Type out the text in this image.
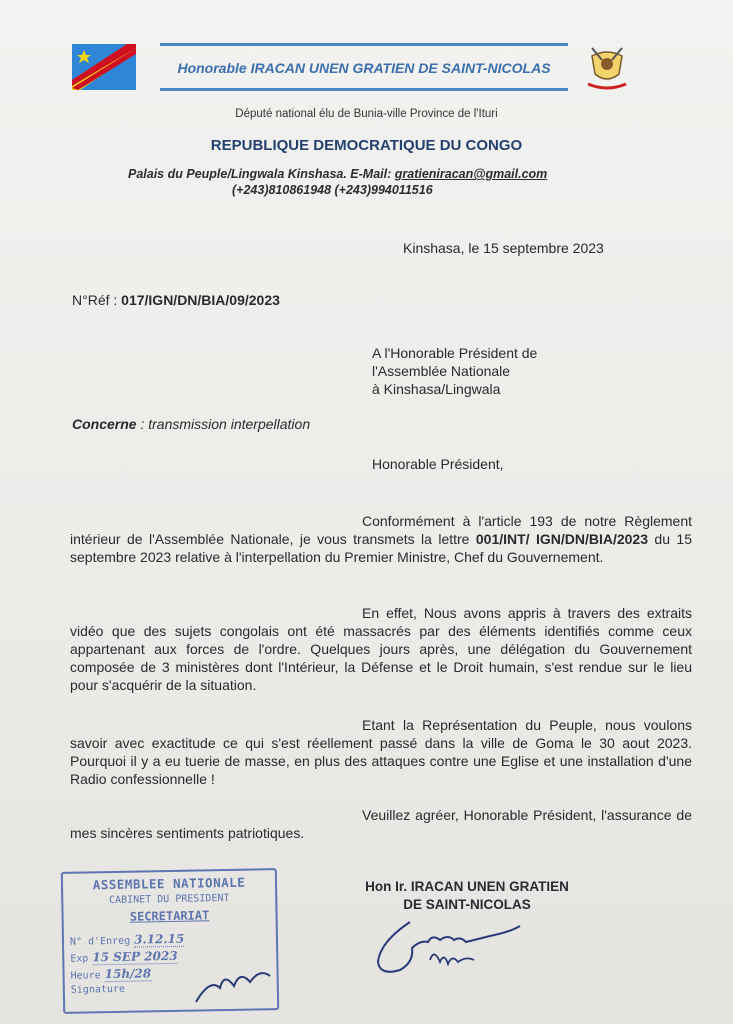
Honorable IRACAN UNEN GRATIEN DE SAINT-NICOLAS
Député national élu de Bunia-ville Province de l'Ituri
REPUBLIQUE DEMOCRATIQUE DU CONGO
Palais du Peuple/Lingwala Kinshasa. E-Mail: gratieniracan@gmail.com
(+243)810861948 (+243)994011516
Kinshasa, le 15 septembre 2023
N°Réf : 017/IGN/DN/BIA/09/2023
A l'Honorable Président de
l'Assemblée Nationale
à Kinshasa/Lingwala
Concerne : transmission interpellation
Honorable Président,
Conformément à l'article 193 de notre Règlement intérieur de l'Assemblée Nationale, je vous transmets la lettre 001/INT/ IGN/DN/BIA/2023 du 15 septembre 2023 relative à l'interpellation du Premier Ministre, Chef du Gouvernement.
En effet, Nous avons appris à travers des extraits vidéo que des sujets congolais ont été massacrés par des éléments identifiés comme ceux appartenant aux forces de l'ordre. Quelques jours après, une délégation du Gouvernement composée de 3 ministères dont l'Intérieur, la Défense et le Droit humain, s'est rendue sur le lieu pour s'acquérir de la situation.
Etant la Représentation du Peuple, nous voulons savoir avec exactitude ce qui s'est réellement passé dans la ville de Goma le 30 aout 2023. Pourquoi il y a eu tuerie de masse, en plus des attaques contre une Eglise et une installation d'une Radio confessionnelle !
Veuillez agréer, Honorable Président, l'assurance de mes sincères sentiments patriotiques.
Hon Ir. IRACAN UNEN GRATIEN
DE SAINT-NICOLAS
ASSEMBLEE NATIONALE
CABINET DU PRESIDENT
SECRETARIAT
N° d'Enreg 3.12.15
Exp 15 SEP 2023
Heure 15h/28
Signature
